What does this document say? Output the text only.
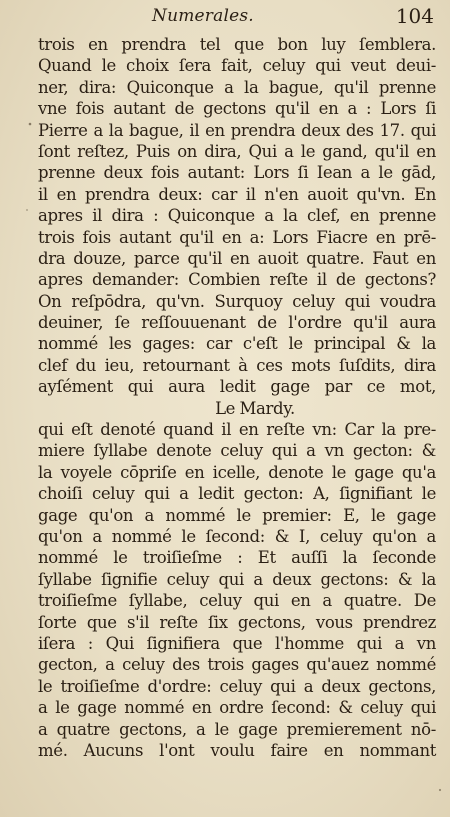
Numerales.	104
trois en prendra tel que bon luy ſemblera.
Quand le choix ſera fait, celuy qui veut deui-
ner, dira: Quiconque a la bague, qu'il prenne
vne fois autant de gectons qu'il en a : Lors ſi
Pierre a la bague, il en prendra deux des 17. qui
ſont reſtez, Puis on dira, Qui a le gand, qu'il en
prenne deux fois autant: Lors ſi Iean a le gād,
il en prendra deux: car il n'en auoit qu'vn. En
apres il dira : Quiconque a la clef, en prenne
trois fois autant qu'il en a: Lors Fiacre en prē-
dra douze, parce qu'il en auoit quatre. Faut en
apres demander: Combien reſte il de gectons?
On reſpōdra, qu'vn. Surquoy celuy qui voudra
deuiner, ſe reſſouuenant de l'ordre qu'il aura
nommé les gages: car c'eſt le principal & la
clef du ieu, retournant à ces mots ſuſdits, dira
ayſément qui aura ledit gage par ce mot,
Le Mardy.
qui eſt denoté quand il en reſte vn: Car la pre-
miere ſyllabe denote celuy qui a vn gecton: &
la voyele cōpriſe en icelle, denote le gage qu'a
choiſi celuy qui a ledit gecton: A, ſignifiant le
gage qu'on a nommé le premier: E, le gage
qu'on a nommé le ſecond: & I, celuy qu'on a
nommé le troiſieſme : Et auſſi la ſeconde
ſyllabe ſignifie celuy qui a deux gectons: & la
troiſieſme ſyllabe, celuy qui en a quatre. De
ſorte que s'il reſte ſix gectons, vous prendrez
iſera : Qui ſignifiera que l'homme qui a vn
gecton, a celuy des trois gages qu'auez nommé
le troiſieſme d'ordre: celuy qui a deux gectons,
a le gage nommé en ordre ſecond: & celuy qui
a quatre gectons, a le gage premierement nō-
mé. Aucuns l'ont voulu faire en nommant
